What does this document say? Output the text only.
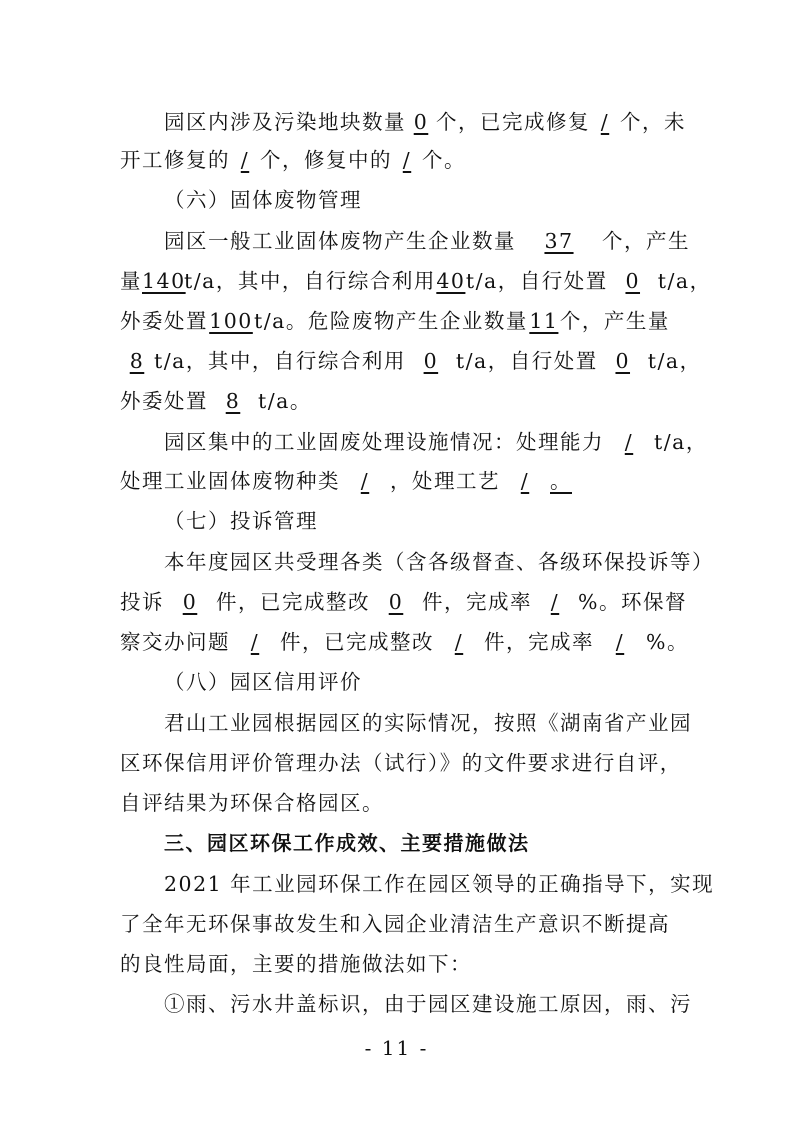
园区内涉及污染地块数量 0 个，已完成修复 / 个，未
开工修复的 / 个，修复中的 / 个。
（六）固体废物管理
园区一般工业固体废物产生企业数量 37 个，产生
量140t/a，其中，自行综合利用40t/a，自行处置 0 t/a，
外委处置100t/a。危险废物产生企业数量11个，产生量
8 t/a，其中，自行综合利用 0 t/a，自行处置 0 t/a，
外委处置 8 t/a。
园区集中的工业固废处理设施情况：处理能力 / t/a，
处理工业固体废物种类 / ，处理工艺 / 。
（七）投诉管理
本年度园区共受理各类（含各级督查、各级环保投诉等）
投诉 0 件，已完成整改 0 件，完成率 / %。环保督
察交办问题 / 件，已完成整改 / 件，完成率 / %。
（八）园区信用评价
君山工业园根据园区的实际情况，按照《湖南省产业园
区环保信用评价管理办法（试行）》的文件要求进行自评，
自评结果为环保合格园区。
三、园区环保工作成效、主要措施做法
2021 年工业园环保工作在园区领导的正确指导下，实现
了全年无环保事故发生和入园企业清洁生产意识不断提高
的良性局面，主要的措施做法如下：
①雨、污水井盖标识，由于园区建设施工原因，雨、污
- 11 -
